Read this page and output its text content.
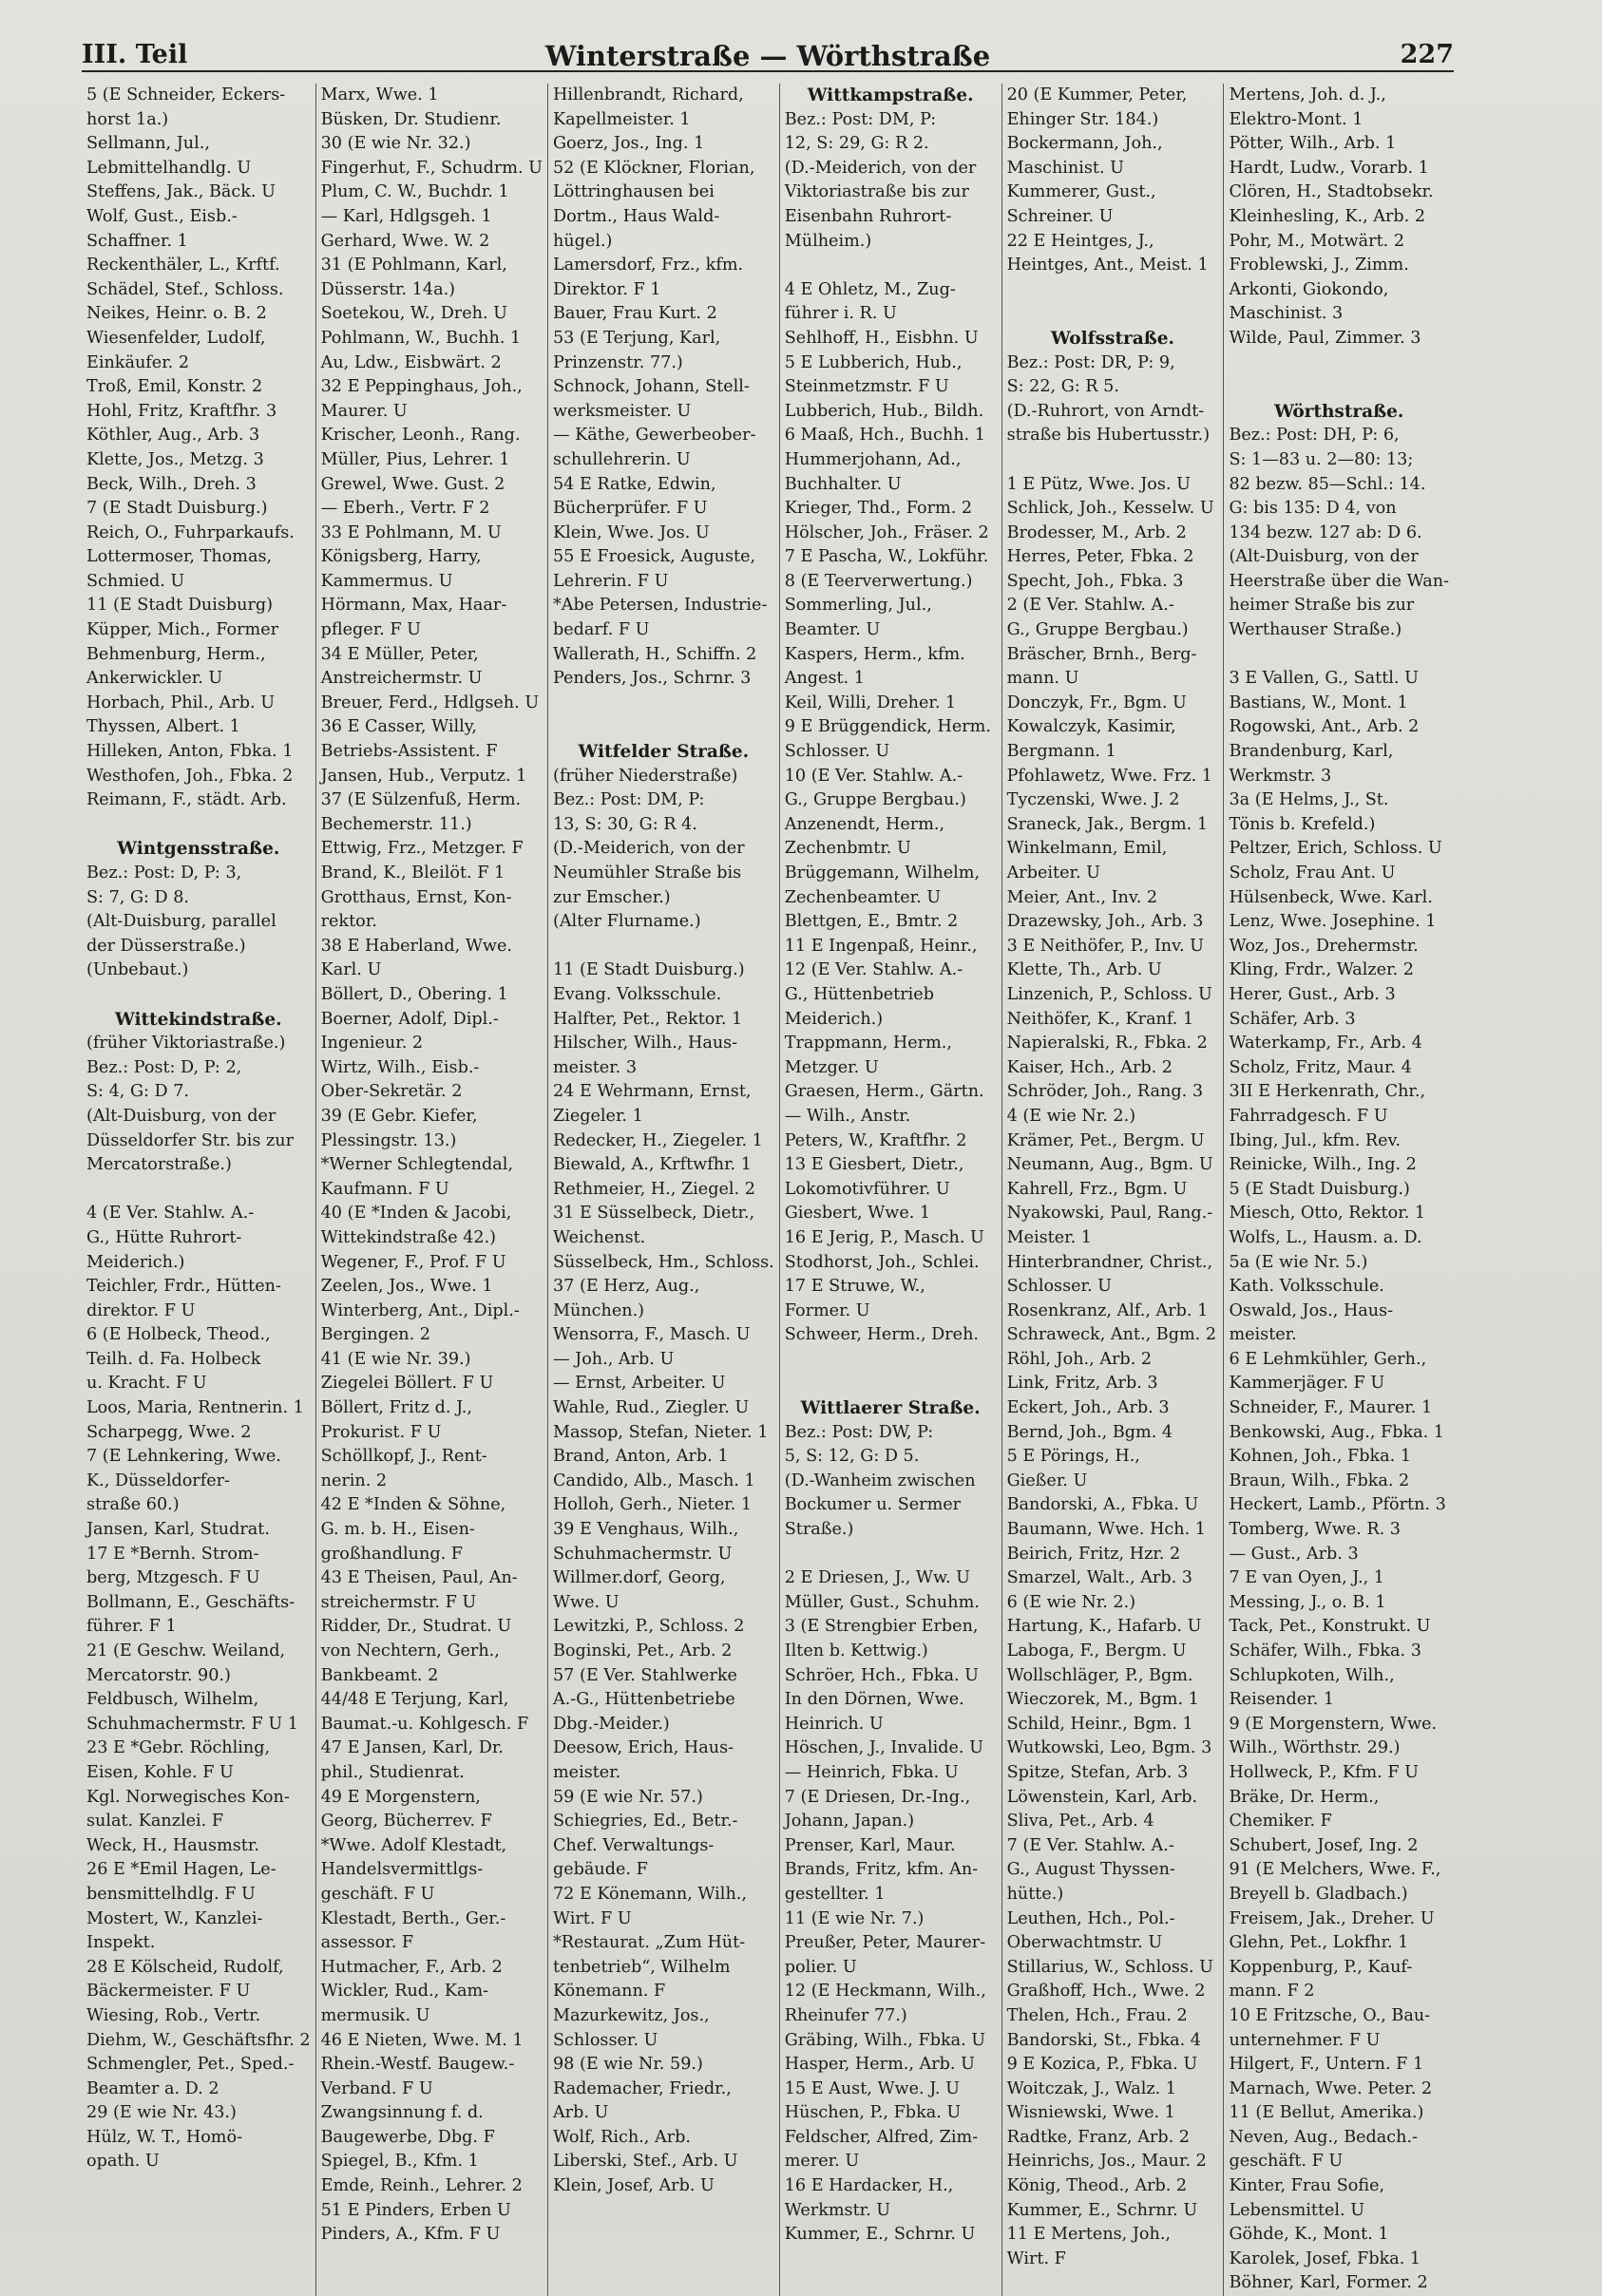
III. Teil	Winterstraße — Wörthstraße	227
5 (E Schneider, Eckers-
horst 1a.)
Sellmann, Jul.,
Lebmittelhandlg. U
Steffens, Jak., Bäck. U
Wolf, Gust., Eisb.-
Schaffner. 1
Reckenthäler, L., Krftf.
Schädel, Stef., Schloss.
Neikes, Heinr. o. B. 2
Wiesenfelder, Ludolf,
Einkäufer. 2
Troß, Emil, Konstr. 2
Hohl, Fritz, Kraftfhr. 3
Köthler, Aug., Arb. 3
Klette, Jos., Metzg. 3
Beck, Wilh., Dreh. 3
7 (E Stadt Duisburg.)
Reich, O., Fuhrparkaufs.
Lottermoser, Thomas,
Schmied. U
11 (E Stadt Duisburg)
Küpper, Mich., Former
Behmenburg, Herm.,
Ankerwickler. U
Horbach, Phil., Arb. U
Thyssen, Albert. 1
Hilleken, Anton, Fbka. 1
Westhofen, Joh., Fbka. 2
Reimann, F., städt. Arb.
Wintgensstraße.
Bez.: Post: D, P: 3,
S: 7, G: D 8.
(Alt-Duisburg, parallel
der Düsserstraße.)
(Unbebaut.)
Wittekindstraße.
(früher Viktoriastraße.)
Bez.: Post: D, P: 2,
S: 4, G: D 7.
(Alt-Duisburg, von der
Düsseldorfer Str. bis zur
Mercatorstraße.)
4 (E Ver. Stahlw. A.-
G., Hütte Ruhrort-
Meiderich.)
Teichler, Frdr., Hütten-
direktor. F U
6 (E Holbeck, Theod.,
Teilh. d. Fa. Holbeck
u. Kracht. F U
Loos, Maria, Rentnerin. 1
Scharpegg, Wwe. 2
7 (E Lehnkering, Wwe.
K., Düsseldorfer-
straße 60.)
Jansen, Karl, Studrat.
17 E *Bernh. Strom-
berg, Mtzgesch. F U
Bollmann, E., Geschäfts-
führer. F 1
21 (E Geschw. Weiland,
Mercatorstr. 90.)
Feldbusch, Wilhelm,
Schuhmachermstr. F U 1
23 E *Gebr. Röchling,
Eisen, Kohle. F U
Kgl. Norwegisches Kon-
sulat. Kanzlei. F
Weck, H., Hausmstr.
26 E *Emil Hagen, Le-
bensmittelhdlg. F U
Mostert, W., Kanzlei-
Inspekt.
28 E Kölscheid, Rudolf,
Bäckermeister. F U
Wiesing, Rob., Vertr.
Diehm, W., Geschäftsfhr. 2
Schmengler, Pet., Sped.-
Beamter a. D. 2
29 (E wie Nr. 43.)
Hülz, W. T., Homö-
opath. U
Marx, Wwe. 1
Büsken, Dr. Studienr.
30 (E wie Nr. 32.)
Fingerhut, F., Schudrm. U
Plum, C. W., Buchdr. 1
— Karl, Hdlgsgeh. 1
Gerhard, Wwe. W. 2
31 (E Pohlmann, Karl,
Düsserstr. 14a.)
Soetekou, W., Dreh. U
Pohlmann, W., Buchh. 1
Au, Ldw., Eisbwärt. 2
32 E Peppinghaus, Joh.,
Maurer. U
Krischer, Leonh., Rang.
Müller, Pius, Lehrer. 1
Grewel, Wwe. Gust. 2
— Eberh., Vertr. F 2
33 E Pohlmann, M. U
Königsberg, Harry,
Kammermus. U
Hörmann, Max, Haar-
pfleger. F U
34 E Müller, Peter,
Anstreichermstr. U
Breuer, Ferd., Hdlgseh. U
36 E Casser, Willy,
Betriebs-Assistent. F
Jansen, Hub., Verputz. 1
37 (E Sülzenfuß, Herm.
Bechemerstr. 11.)
Ettwig, Frz., Metzger. F
Brand, K., Bleilöt. F 1
Grotthaus, Ernst, Kon-
rektor.
38 E Haberland, Wwe.
Karl. U
Böllert, D., Obering. 1
Boerner, Adolf, Dipl.-
Ingenieur. 2
Wirtz, Wilh., Eisb.-
Ober-Sekretär. 2
39 (E Gebr. Kiefer,
Plessingstr. 13.)
*Werner Schlegtendal,
Kaufmann. F U
40 (E *Inden & Jacobi,
Wittekindstraße 42.)
Wegener, F., Prof. F U
Zeelen, Jos., Wwe. 1
Winterberg, Ant., Dipl.-
Bergingen. 2
41 (E wie Nr. 39.)
Ziegelei Böllert. F U
Böllert, Fritz d. J.,
Prokurist. F U
Schöllkopf, J., Rent-
nerin. 2
42 E *Inden & Söhne,
G. m. b. H., Eisen-
großhandlung. F
43 E Theisen, Paul, An-
streichermstr. F U
Ridder, Dr., Studrat. U
von Nechtern, Gerh.,
Bankbeamt. 2
44/48 E Terjung, Karl,
Baumat.-u. Kohlgesch. F
47 E Jansen, Karl, Dr.
phil., Studienrat.
49 E Morgenstern,
Georg, Bücherrev. F
*Wwe. Adolf Klestadt,
Handelsvermittlgs-
geschäft. F U
Klestadt, Berth., Ger.-
assessor. F
Hutmacher, F., Arb. 2
Wickler, Rud., Kam-
mermusik. U
46 E Nieten, Wwe. M. 1
Rhein.-Westf. Baugew.-
Verband. F U
Zwangsinnung f. d.
Baugewerbe, Dbg. F
Spiegel, B., Kfm. 1
Emde, Reinh., Lehrer. 2
51 E Pinders, Erben U
Pinders, A., Kfm. F U
Hillenbrandt, Richard,
Kapellmeister. 1
Goerz, Jos., Ing. 1
52 (E Klöckner, Florian,
Löttringhausen bei
Dortm., Haus Wald-
hügel.)
Lamersdorf, Frz., kfm.
Direktor. F 1
Bauer, Frau Kurt. 2
53 (E Terjung, Karl,
Prinzenstr. 77.)
Schnock, Johann, Stell-
werksmeister. U
— Käthe, Gewerbeober-
schullehrerin. U
54 E Ratke, Edwin,
Bücherprüfer. F U
Klein, Wwe. Jos. U
55 E Froesick, Auguste,
Lehrerin. F U
*Abe Petersen, Industrie-
bedarf. F U
Wallerath, H., Schiffn. 2
Penders, Jos., Schrnr. 3
Witfelder Straße.
(früher Niederstraße)
Bez.: Post: DM, P:
13, S: 30, G: R 4.
(D.-Meiderich, von der
Neumühler Straße bis
zur Emscher.)
(Alter Flurname.)
11 (E Stadt Duisburg.)
Evang. Volksschule.
Halfter, Pet., Rektor. 1
Hilscher, Wilh., Haus-
meister. 3
24 E Wehrmann, Ernst,
Ziegeler. 1
Redecker, H., Ziegeler. 1
Biewald, A., Krftwfhr. 1
Rethmeier, H., Ziegel. 2
31 E Süsselbeck, Dietr.,
Weichenst.
Süsselbeck, Hm., Schloss.
37 (E Herz, Aug.,
München.)
Wensorra, F., Masch. U
— Joh., Arb. U
— Ernst, Arbeiter. U
Wahle, Rud., Ziegler. U
Massop, Stefan, Nieter. 1
Brand, Anton, Arb. 1
Candido, Alb., Masch. 1
Holloh, Gerh., Nieter. 1
39 E Venghaus, Wilh.,
Schuhmachermstr. U
Willmer.dorf, Georg,
Wwe. U
Lewitzki, P., Schloss. 2
Boginski, Pet., Arb. 2
57 (E Ver. Stahlwerke
A.-G., Hüttenbetriebe
Dbg.-Meider.)
Deesow, Erich, Haus-
meister.
59 (E wie Nr. 57.)
Schiegries, Ed., Betr.-
Chef. Verwaltungs-
gebäude. F
72 E Könemann, Wilh.,
Wirt. F U
*Restaurat. „Zum Hüt-
tenbetrieb“, Wilhelm
Könemann. F
Mazurkewitz, Jos.,
Schlosser. U
98 (E wie Nr. 59.)
Rademacher, Friedr.,
Arb. U
Wolf, Rich., Arb.
Liberski, Stef., Arb. U
Klein, Josef, Arb. U
Wittkampstraße.
Bez.: Post: DM, P:
12, S: 29, G: R 2.
(D.-Meiderich, von der
Viktoriastraße bis zur
Eisenbahn Ruhrort-
Mülheim.)
4 E Ohletz, M., Zug-
führer i. R. U
Sehlhoff, H., Eisbhn. U
5 E Lubberich, Hub.,
Steinmetzmstr. F U
Lubberich, Hub., Bildh.
6 Maaß, Hch., Buchh. 1
Hummerjohann, Ad.,
Buchhalter. U
Krieger, Thd., Form. 2
Hölscher, Joh., Fräser. 2
7 E Pascha, W., Lokführ.
8 (E Teerverwertung.)
Sommerling, Jul.,
Beamter. U
Kaspers, Herm., kfm.
Angest. 1
Keil, Willi, Dreher. 1
9 E Brüggendick, Herm.
Schlosser. U
10 (E Ver. Stahlw. A.-
G., Gruppe Bergbau.)
Anzenendt, Herm.,
Zechenbmtr. U
Brüggemann, Wilhelm,
Zechenbeamter. U
Blettgen, E., Bmtr. 2
11 E Ingenpaß, Heinr.,
12 (E Ver. Stahlw. A.-
G., Hüttenbetrieb
Meiderich.)
Trappmann, Herm.,
Metzger. U
Graesen, Herm., Gärtn.
— Wilh., Anstr.
Peters, W., Kraftfhr. 2
13 E Giesbert, Dietr.,
Lokomotivführer. U
Giesbert, Wwe. 1
16 E Jerig, P., Masch. U
Stodhorst, Joh., Schlei.
17 E Struwe, W.,
Former. U
Schweer, Herm., Dreh.
Wittlaerer Straße.
Bez.: Post: DW, P:
5, S: 12, G: D 5.
(D.-Wanheim zwischen
Bockumer u. Sermer
Straße.)
2 E Driesen, J., Ww. U
Müller, Gust., Schuhm.
3 (E Strengbier Erben,
Ilten b. Kettwig.)
Schröer, Hch., Fbka. U
In den Dörnen, Wwe.
Heinrich. U
Höschen, J., Invalide. U
— Heinrich, Fbka. U
7 (E Driesen, Dr.-Ing.,
Johann, Japan.)
Prenser, Karl, Maur.
Brands, Fritz, kfm. An-
gestellter. 1
11 (E wie Nr. 7.)
Preußer, Peter, Maurer-
polier. U
12 (E Heckmann, Wilh.,
Rheinufer 77.)
Gräbing, Wilh., Fbka. U
Hasper, Herm., Arb. U
15 E Aust, Wwe. J. U
Hüschen, P., Fbka. U
Feldscher, Alfred, Zim-
merer. U
16 E Hardacker, H.,
Werkmstr. U
Kummer, E., Schrnr. U
20 (E Kummer, Peter,
Ehinger Str. 184.)
Bockermann, Joh.,
Maschinist. U
Kummerer, Gust.,
Schreiner. U
22 E Heintges, J.,
Heintges, Ant., Meist. 1
Wolfsstraße.
Bez.: Post: DR, P: 9,
S: 22, G: R 5.
(D.-Ruhrort, von Arndt-
straße bis Hubertusstr.)
1 E Pütz, Wwe. Jos. U
Schlick, Joh., Kesselw. U
Brodesser, M., Arb. 2
Herres, Peter, Fbka. 2
Specht, Joh., Fbka. 3
2 (E Ver. Stahlw. A.-
G., Gruppe Bergbau.)
Bräscher, Brnh., Berg-
mann. U
Donczyk, Fr., Bgm. U
Kowalczyk, Kasimir,
Bergmann. 1
Pfohlawetz, Wwe. Frz. 1
Tyczenski, Wwe. J. 2
Sraneck, Jak., Bergm. 1
Winkelmann, Emil,
Arbeiter. U
Meier, Ant., Inv. 2
Drazewsky, Joh., Arb. 3
3 E Neithöfer, P., Inv. U
Klette, Th., Arb. U
Linzenich, P., Schloss. U
Neithöfer, K., Kranf. 1
Napieralski, R., Fbka. 2
Kaiser, Hch., Arb. 2
Schröder, Joh., Rang. 3
4 (E wie Nr. 2.)
Krämer, Pet., Bergm. U
Neumann, Aug., Bgm. U
Kahrell, Frz., Bgm. U
Nyakowski, Paul, Rang.-
Meister. 1
Hinterbrandner, Christ.,
Schlosser. U
Rosenkranz, Alf., Arb. 1
Schraweck, Ant., Bgm. 2
Röhl, Joh., Arb. 2
Link, Fritz, Arb. 3
Eckert, Joh., Arb. 3
Bernd, Joh., Bgm. 4
5 E Pörings, H.,
Gießer. U
Bandorski, A., Fbka. U
Baumann, Wwe. Hch. 1
Beirich, Fritz, Hzr. 2
Smarzel, Walt., Arb. 3
6 (E wie Nr. 2.)
Hartung, K., Hafarb. U
Laboga, F., Bergm. U
Wollschläger, P., Bgm.
Wieczorek, M., Bgm. 1
Schild, Heinr., Bgm. 1
Wutkowski, Leo, Bgm. 3
Spitze, Stefan, Arb. 3
Löwenstein, Karl, Arb.
Sliva, Pet., Arb. 4
7 (E Ver. Stahlw. A.-
G., August Thyssen-
hütte.)
Leuthen, Hch., Pol.-
Oberwachtmstr. U
Stillarius, W., Schloss. U
Graßhoff, Hch., Wwe. 2
Thelen, Hch., Frau. 2
Bandorski, St., Fbka. 4
9 E Kozica, P., Fbka. U
Woitczak, J., Walz. 1
Wisniewski, Wwe. 1
Radtke, Franz, Arb. 2
Heinrichs, Jos., Maur. 2
König, Theod., Arb. 2
Kummer, E., Schrnr. U
11 E Mertens, Joh.,
Wirt. F
Mertens, Joh. d. J.,
Elektro-Mont. 1
Pötter, Wilh., Arb. 1
Hardt, Ludw., Vorarb. 1
Clören, H., Stadtobsekr.
Kleinhesling, K., Arb. 2
Pohr, M., Motwärt. 2
Froblewski, J., Zimm.
Arkonti, Giokondo,
Maschinist. 3
Wilde, Paul, Zimmer. 3
Wörthstraße.
Bez.: Post: DH, P: 6,
S: 1—83 u. 2—80: 13;
82 bezw. 85—Schl.: 14.
G: bis 135: D 4, von
134 bezw. 127 ab: D 6.
(Alt-Duisburg, von der
Heerstraße über die Wan-
heimer Straße bis zur
Werthauser Straße.)
3 E Vallen, G., Sattl. U
Bastians, W., Mont. 1
Rogowski, Ant., Arb. 2
Brandenburg, Karl,
Werkmstr. 3
3a (E Helms, J., St.
Tönis b. Krefeld.)
Peltzer, Erich, Schloss. U
Scholz, Frau Ant. U
Hülsenbeck, Wwe. Karl.
Lenz, Wwe. Josephine. 1
Woz, Jos., Drehermstr.
Kling, Frdr., Walzer. 2
Herer, Gust., Arb. 3
Schäfer, Arb. 3
Waterkamp, Fr., Arb. 4
Scholz, Fritz, Maur. 4
3II E Herkenrath, Chr.,
Fahrradgesch. F U
Ibing, Jul., kfm. Rev.
Reinicke, Wilh., Ing. 2
5 (E Stadt Duisburg.)
Miesch, Otto, Rektor. 1
Wolfs, L., Hausm. a. D.
5a (E wie Nr. 5.)
Kath. Volksschule.
Oswald, Jos., Haus-
meister.
6 E Lehmkühler, Gerh.,
Kammerjäger. F U
Schneider, F., Maurer. 1
Benkowski, Aug., Fbka. 1
Kohnen, Joh., Fbka. 1
Braun, Wilh., Fbka. 2
Heckert, Lamb., Pförtn. 3
Tomberg, Wwe. R. 3
— Gust., Arb. 3
7 E van Oyen, J., 1
Messing, J., o. B. 1
Tack, Pet., Konstrukt. U
Schäfer, Wilh., Fbka. 3
Schlupkoten, Wilh.,
Reisender. 1
9 (E Morgenstern, Wwe.
Wilh., Wörthstr. 29.)
Hollweck, P., Kfm. F U
Bräke, Dr. Herm.,
Chemiker. F
Schubert, Josef, Ing. 2
91 (E Melchers, Wwe. F.,
Breyell b. Gladbach.)
Freisem, Jak., Dreher. U
Glehn, Pet., Lokfhr. 1
Koppenburg, P., Kauf-
mann. F 2
10 E Fritzsche, O., Bau-
unternehmer. F U
Hilgert, F., Untern. F 1
Marnach, Wwe. Peter. 2
11 (E Bellut, Amerika.)
Neven, Aug., Bedach.-
geschäft. F U
Kinter, Frau Sofie,
Lebensmittel. U
Göhde, K., Mont. 1
Karolek, Josef, Fbka. 1
Böhner, Karl, Former. 2
